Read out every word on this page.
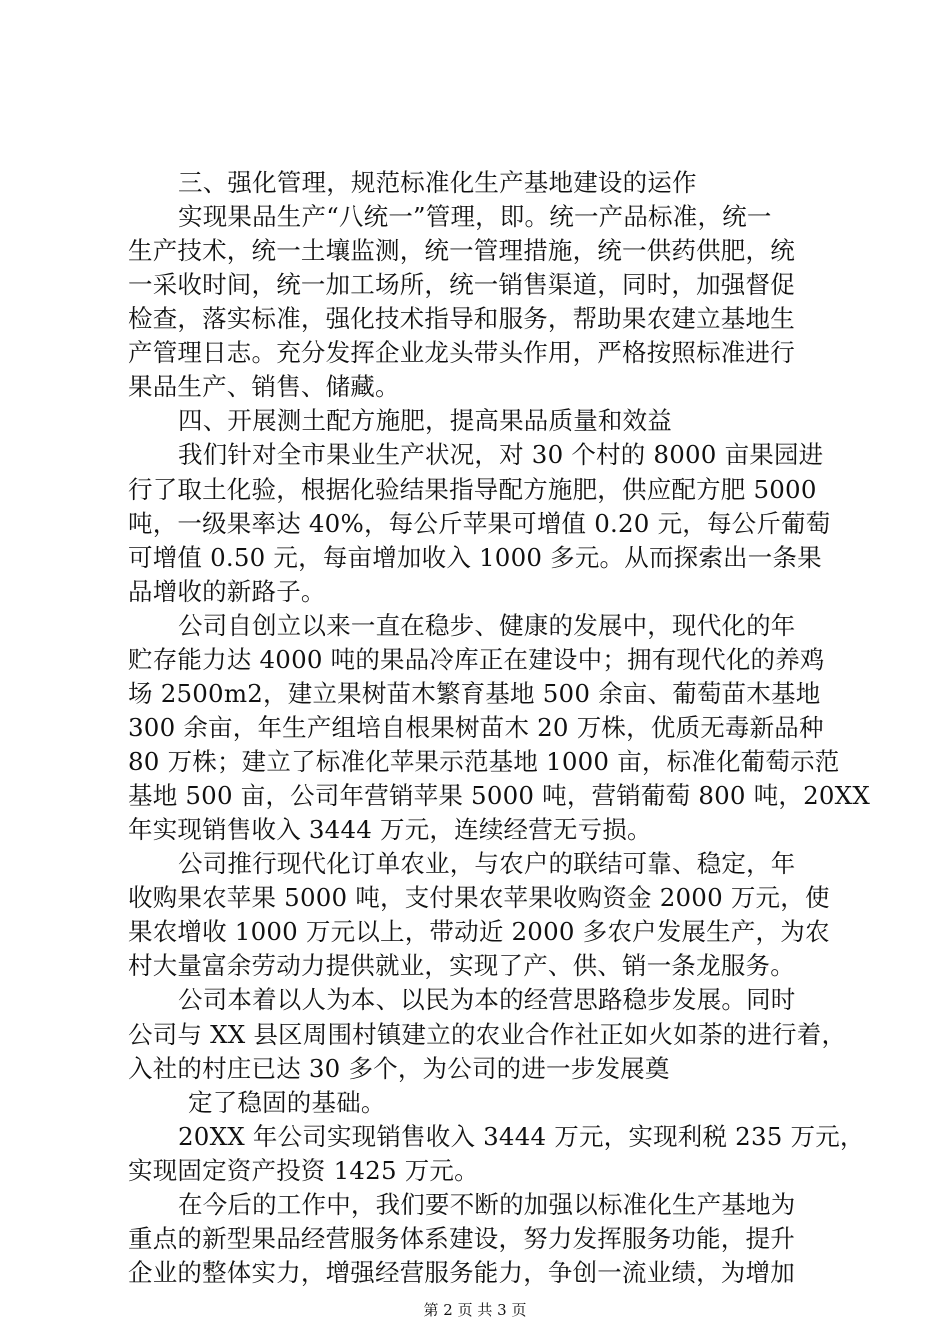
三、强化管理，规范标准化生产基地建设的运作
实现果品生产“八统一”管理，即。统一产品标准，统一
生产技术，统一土壤监测，统一管理措施，统一供药供肥，统
一采收时间，统一加工场所，统一销售渠道，同时，加强督促
检查，落实标准，强化技术指导和服务，帮助果农建立基地生
产管理日志。充分发挥企业龙头带头作用，严格按照标准进行
果品生产、销售、储藏。
四、开展测土配方施肥，提高果品质量和效益
我们针对全市果业生产状况，对 30 个村的 8000 亩果园进
行了取土化验，根据化验结果指导配方施肥，供应配方肥 5000
吨，一级果率达 40%，每公斤苹果可增值 0.20 元，每公斤葡萄
可增值 0.50 元，每亩增加收入 1000 多元。从而探索出一条果
品增收的新路子。
公司自创立以来一直在稳步、健康的发展中，现代化的年
贮存能力达 4000 吨的果品冷库正在建设中；拥有现代化的养鸡
场 2500m2，建立果树苗木繁育基地 500 余亩、葡萄苗木基地
300 余亩，年生产组培自根果树苗木 20 万株，优质无毒新品种
80 万株；建立了标准化苹果示范基地 1000 亩，标准化葡萄示范
基地 500 亩，公司年营销苹果 5000 吨，营销葡萄 800 吨，20XX
年实现销售收入 3444 万元，连续经营无亏损。
公司推行现代化订单农业，与农户的联结可靠、稳定，年
收购果农苹果 5000 吨，支付果农苹果收购资金 2000 万元，使
果农增收 1000 万元以上，带动近 2000 多农户发展生产，为农
村大量富余劳动力提供就业，实现了产、供、销一条龙服务。
公司本着以人为本、以民为本的经营思路稳步发展。同时
公司与 XX 县区周围村镇建立的农业合作社正如火如荼的进行着，
入社的村庄已达 30 多个，为公司的进一步发展奠
定了稳固的基础。
20XX 年公司实现销售收入 3444 万元，实现利税 235 万元，
实现固定资产投资 1425 万元。
在今后的工作中，我们要不断的加强以标准化生产基地为
重点的新型果品经营服务体系建设，努力发挥服务功能，提升
企业的整体实力，增强经营服务能力，争创一流业绩，为增加
第 2 页 共 3 页
